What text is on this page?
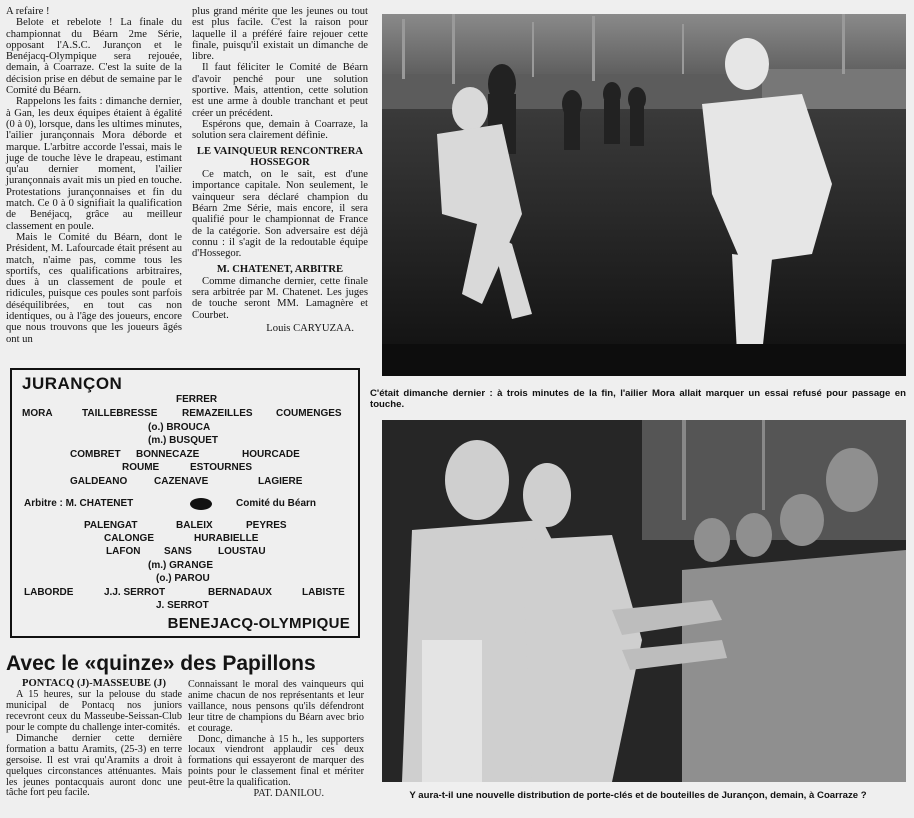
A refaire !

Belote et rebelote ! La finale du championnat du Béarn 2me Série, opposant l'A.S.C. Jurançon et le Benéjacq-Olympique sera rejouée, demain, à Coarraze. C'est la suite de la décision prise en début de semaine par le Comité du Béarn.

Rappelons les faits : dimanche dernier, à Gan, les deux équipes étaient à égalité (0 à 0), lorsque, dans les ultimes minutes, l'ailier jurançonnais Mora déborde et marque. L'arbitre accorde l'essai, mais le juge de touche lève le drapeau, estimant qu'au dernier moment, l'ailier jurançonnais avait mis un pied en touche. Protestations jurançonnaises et fin du match. Ce 0 à 0 signifiait la qualification de Benéjacq, grâce au meilleur classement en poule.

Mais le Comité du Béarn, dont le Président, M. Lafourcade était présent au match, n'aime pas, comme tous les sportifs, ces qualifications arbitraires, dues à un classement de poule et ridicules, puisque ces poules sont parfois déséquilibrées, en tout cas non identiques, ou à l'âge des joueurs, encore que nous trouvons que les joueurs âgés ont un

plus grand mérite que les jeunes ou tout est plus facile. C'est la raison pour laquelle il a préféré faire rejouer cette finale, puisqu'il existait un dimanche de libre.

Il faut féliciter le Comité de Béarn d'avoir penché pour une solution sportive. Mais, attention, cette solution est une arme à double tranchant et peut créer un précédent.

Espérons que, demain à Coarraze, la solution sera clairement définie.

LE VAINQUEUR RENCONTRERA HOSSEGOR

Ce match, on le sait, est d'une importance capitale. Non seulement, le vainqueur sera déclaré champion du Béarn 2me Série, mais encore, il sera qualifié pour le championnat de France de la catégorie. Son adversaire est déjà connu : il s'agit de la redoutable équipe d'Hossegor.

M. CHATENET, ARBITRE

Comme dimanche dernier, cette finale sera arbitrée par M. Chatenet. Les juges de touche seront MM. Lamagnère et Courbet.

Louis CARYUZAA.
C'était dimanche dernier : à trois minutes de la fin, l'ailier Mora allait marquer un essai refusé pour passage en touche.
JURANÇON
FERRER
MORA	TAILLEBRESSE REMAZEILLES COUMENGES
(o.) BROUCA
(m.) BUSQUET
COMBRET BONNECAZE	HOURCADE
ROUME	ESTOURNES
GALDEANO	CAZENAVE	LAGIERE
Arbitre : M. CHATENET	Comité du Béarn
PALENGAT	BALEIX	PEYRES
CALONGE	HURABIELLE
LAFON SANS	LOUSTAU
(m.) GRANGE
(o.) PAROU
LABORDE	J.J. SERROT	BERNADAUX	LABISTE
J. SERROT
BENEJACQ-OLYMPIQUE
Avec le «quinze» des Papillons
PONTACQ (J)-MASSEUBE (J)

A 15 heures, sur la pelouse du stade municipal de Pontacq nos juniors recevront ceux du Masseube-Seissan-Club pour le compte du challenge inter-comités.

Dimanche dernier cette dernière formation a battu Aramits, (25-3) en terre gersoise. Il est vrai qu'Aramits a droit à quelques circonstances atténuantes. Mais les jeunes pontacquais auront donc une tâche fort peu facile.

Connaissant le moral des vainqueurs qui anime chacun de nos représentants et leur vaillance, nous pensons qu'ils défendront leur titre de champions du Béarn avec brio et courage.

Donc, dimanche à 15 h., les supporters locaux viendront applaudir ces deux formations qui essayeront de marquer des points pour le classement final et mériter peut-être la qualification.

PAT. DANILOU.	Y aura-t-il une nouvelle distribution de porte-clés et de bouteilles de Jurançon, demain, à Coarraze ?
